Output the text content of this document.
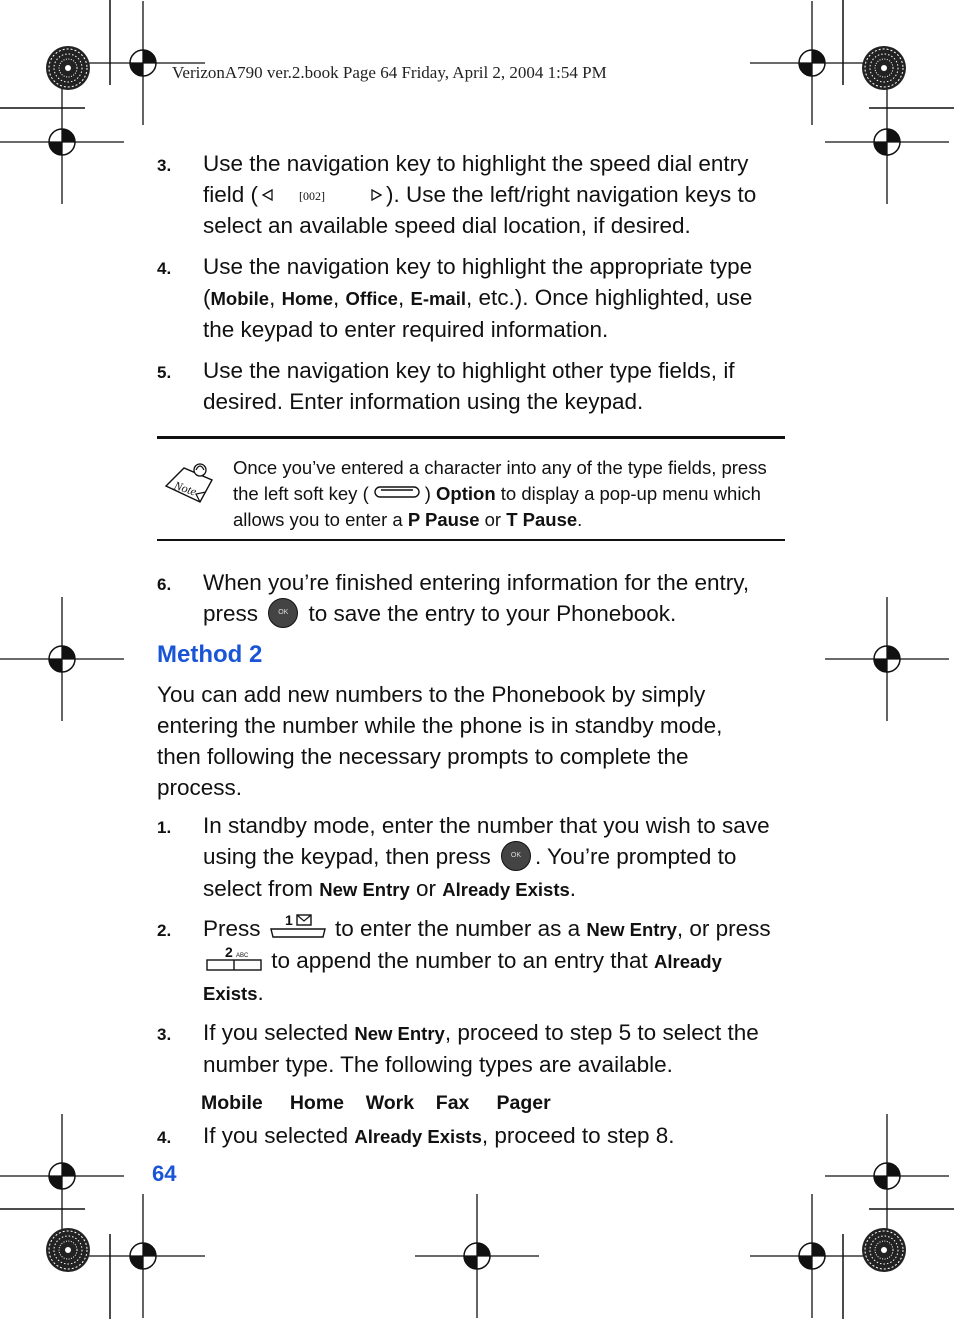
VerizonA790 ver.2.book Page 64 Friday, April 2, 2004 1:54 PM
3. Use the navigation key to highlight the speed dial entry field (	[002]	). Use the left/right navigation keys to select an available speed dial location, if desired.
4. Use the navigation key to highlight the appropriate type (Mobile, Home, Office, E-mail, etc.). Once highlighted, use the keypad to enter required information.
5. Use the navigation key to highlight other type fields, if desired. Enter information using the keypad.
Note
Once you’ve entered a character into any of the type fields, press the left soft key (	) Option to display a pop-up menu which allows you to enter a P Pause or T Pause.
6. When you’re finished entering information for the entry, press OK to save the entry to your Phonebook.
Method 2
You can add new numbers to the Phonebook by simply entering the number while the phone is in standby mode, then following the necessary prompts to complete the process.
1. In standby mode, enter the number that you wish to save using the keypad, then press OK . You’re prompted to select from New Entry or Already Exists.
2. Press 1 to enter the number as a New Entry, or press
2 ABC to append the number to an entry that Already Exists.
3. If you selected New Entry, proceed to step 5 to select the number type. The following types are available.
Mobile Home Work Fax Pager
4. If you selected Already Exists, proceed to step 8.
64
